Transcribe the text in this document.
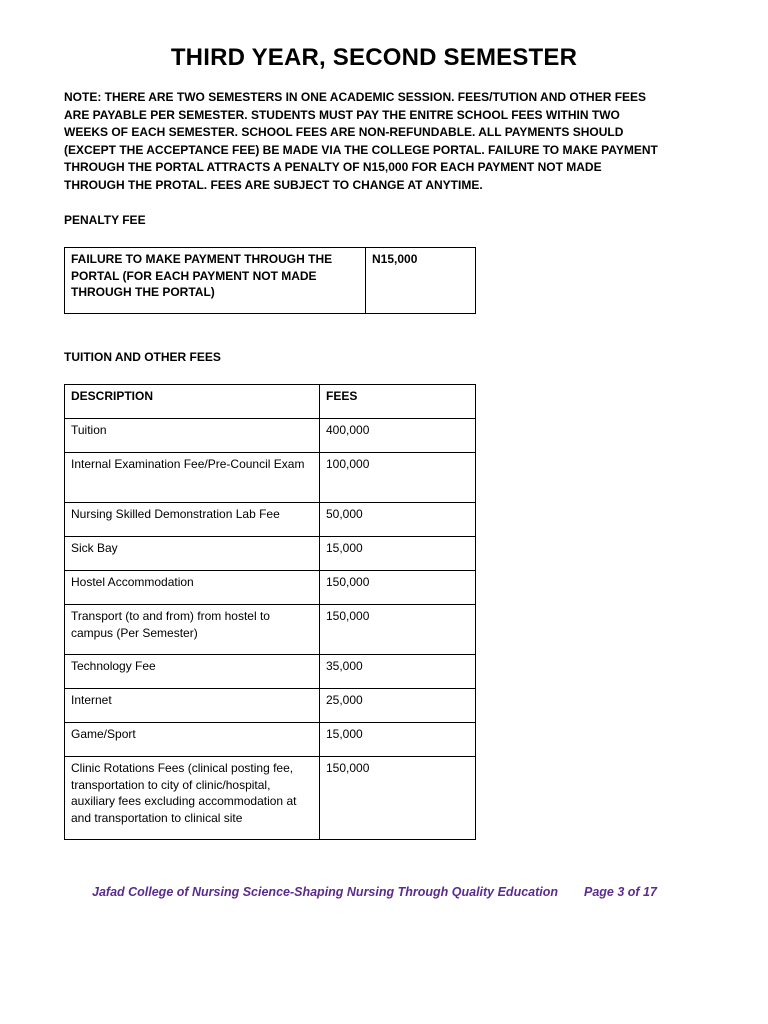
THIRD YEAR, SECOND SEMESTER
NOTE: THERE ARE TWO SEMESTERS IN ONE ACADEMIC SESSION. FEES/TUTION AND OTHER FEES ARE PAYABLE PER SEMESTER. STUDENTS MUST PAY THE ENITRE SCHOOL FEES WITHIN TWO WEEKS OF EACH SEMESTER. SCHOOL FEES ARE NON-REFUNDABLE. ALL PAYMENTS SHOULD (EXCEPT THE ACCEPTANCE FEE) BE MADE VIA THE COLLEGE PORTAL. FAILURE TO MAKE PAYMENT THROUGH THE PORTAL ATTRACTS A PENALTY OF N15,000 FOR EACH PAYMENT NOT MADE THROUGH THE PROTAL. FEES ARE SUBJECT TO CHANGE AT ANYTIME.
PENALTY FEE
FAILURE TO MAKE PAYMENT THROUGH THE PORTAL (FOR EACH PAYMENT NOT MADE THROUGH THE PORTAL)	N15,000
TUITION AND OTHER FEES
DESCRIPTION	FEES
Tuition	400,000
Internal Examination Fee/Pre-Council Exam	100,000
Nursing Skilled Demonstration Lab Fee	50,000
Sick Bay	15,000
Hostel Accommodation	150,000
Transport (to and from) from hostel to campus (Per Semester)	150,000
Technology Fee	35,000
Internet	25,000
Game/Sport	15,000
Clinic Rotations Fees (clinical posting fee, transportation to city of clinic/hospital, auxiliary fees excluding accommodation at and transportation to clinical site	150,000
Jafad College of Nursing Science-Shaping Nursing Through Quality Education Page 3 of 17
